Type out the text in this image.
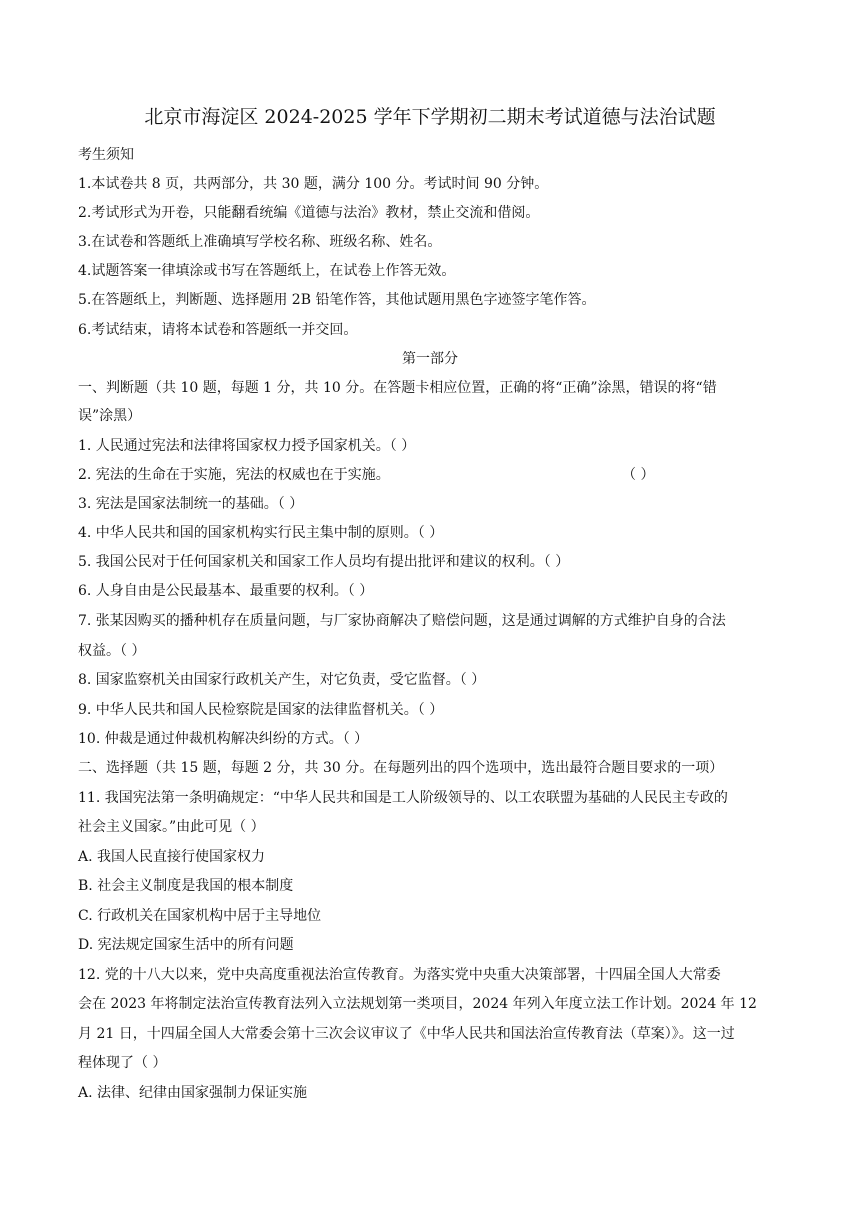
北京市海淀区 2024-2025 学年下学期初二期末考试道德与法治试题
考生须知
1.本试卷共 8 页，共两部分，共 30 题，满分 100 分。考试时间 90 分钟。
2.考试形式为开卷，只能翻看统编《道德与法治》教材，禁止交流和借阅。
3.在试卷和答题纸上准确填写学校名称、班级名称、姓名。
4.试题答案一律填涂或书写在答题纸上，在试卷上作答无效。
5.在答题纸上，判断题、选择题用 2B 铅笔作答，其他试题用黑色字迹签字笔作答。
6.考试结束，请将本试卷和答题纸一并交回。
第一部分
一、判断题（共 10 题，每题 1 分，共 10 分。在答题卡相应位置，正确的将“正确”涂黑，错误的将“错
误”涂黑）
1. 人民通过宪法和法律将国家权力授予国家机关。（ ）
2. 宪法的生命在于实施，宪法的权威也在于实施。	（ ）
3. 宪法是国家法制统一的基础。（ ）
4. 中华人民共和国的国家机构实行民主集中制的原则。（ ）
5. 我国公民对于任何国家机关和国家工作人员均有提出批评和建议的权利。（ ）
6. 人身自由是公民最基本、最重要的权利。（ ）
7. 张某因购买的播种机存在质量问题，与厂家协商解决了赔偿问题，这是通过调解的方式维护自身的合法
权益。（ ）
8. 国家监察机关由国家行政机关产生，对它负责，受它监督。（ ）
9. 中华人民共和国人民检察院是国家的法律监督机关。（ ）
10. 仲裁是通过仲裁机构解决纠纷的方式。（ ）
二、选择题（共 15 题，每题 2 分，共 30 分。在每题列出的四个选项中，选出最符合题目要求的一项）
11. 我国宪法第一条明确规定：“中华人民共和国是工人阶级领导的、以工农联盟为基础的人民民主专政的
社会主义国家。”由此可见（ ）
A. 我国人民直接行使国家权力
B. 社会主义制度是我国的根本制度
C. 行政机关在国家机构中居于主导地位
D. 宪法规定国家生活中的所有问题
12. 党的十八大以来，党中央高度重视法治宣传教育。为落实党中央重大决策部署，十四届全国人大常委
会在 2023 年将制定法治宣传教育法列入立法规划第一类项目，2024 年列入年度立法工作计划。2024 年 12
月 21 日，十四届全国人大常委会第十三次会议审议了《中华人民共和国法治宣传教育法（草案）》。这一过
程体现了（ ）
A. 法律、纪律由国家强制力保证实施
